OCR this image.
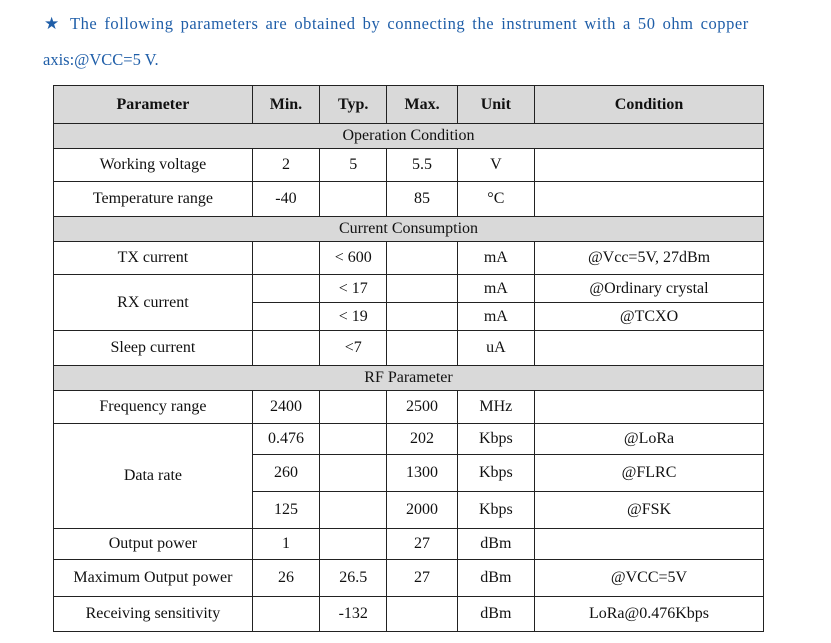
★ The following parameters are obtained by connecting the instrument with a 50 ohm copper
axis:@VCC=5 V.
Parameter	Min.	Typ.	Max.	Unit	Condition
Operation Condition					
Working voltage	2	5	5.5	V	
Temperature range	-40		85	°C	
Current Consumption					
TX current		< 600		mA	@Vcc=5V, 27dBm
RX current		< 17		mA	@Ordinary crystal
		< 19		mA	@TCXO
Sleep current		<7		uA	
RF Parameter					
Frequency range	2400		2500	MHz	
Data rate	0.476		202	Kbps	@LoRa
	260		1300	Kbps	@FLRC
	125		2000	Kbps	@FSK
Output power	1		27	dBm	
Maximum Output power	26	26.5	27	dBm	@VCC=5V
Receiving sensitivity		-132		dBm	LoRa@0.476Kbps
